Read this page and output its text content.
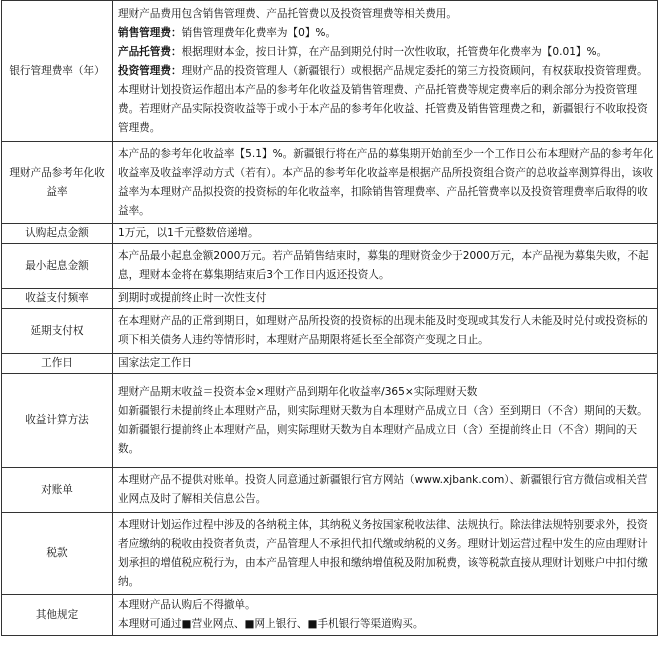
银行管理费率（年）	理财产品费用包含销售管理费、产品托管费以及投资管理费等相关费用。
销售管理费：销售管理费年化费率为【0】%。
产品托管费：根据理财本金，按日计算，在产品到期兑付时一次性收取，托管费年化费率为【0.01】%。
投资管理费：理财产品的投资管理人（新疆银行）或根据产品规定委托的第三方投资顾问，有权获取投资管理费。本理财计划投资运作超出本产品的参考年化收益及销售管理费、产品托管费等规定费率后的剩余部分为投资管理费。若理财产品实际投资收益等于或小于本产品的参考年化收益、托管费及销售管理费之和，新疆银行不收取投资管理费。

理财产品参考年化收益率	本产品的参考年化收益率【5.1】%。新疆银行将在产品的募集期开始前至少一个工作日公布本理财产品的参考年化收益率及收益率浮动方式（若有）。本产品的参考年化收益率是根据产品所投资组合资产的总收益率测算得出，该收益率为本理财产品拟投资的投资标的年化收益率，扣除销售管理费率、产品托管费率以及投资管理费率后取得的收益率。

认购起点金额	1万元，以1千元整数倍递增。

最小起息金额	本产品最小起息金额2000万元。若产品销售结束时，募集的理财资金少于2000万元，本产品视为募集失败，不起息，理财本金将在募集期结束后3个工作日内返还投资人。

收益支付频率	到期时或提前终止时一次性支付

延期支付权	在本理财产品的正常到期日，如理财产品所投资的投资标的出现未能及时变现或其发行人未能及时兑付或投资标的项下相关债务人违约等情形时，本理财产品期限将延长至全部资产变现之日止。

工作日	国家法定工作日

收益计算方法	理财产品期末收益＝投资本金×理财产品到期年化收益率/365×实际理财天数
如新疆银行未提前终止本理财产品，则实际理财天数为自本理财产品成立日（含）至到期日（不含）期间的天数。
如新疆银行提前终止本理财产品，则实际理财天数为自本理财产品成立日（含）至提前终止日（不含）期间的天数。

对账单	本理财产品不提供对账单。投资人同意通过新疆银行官方网站（www.xjbank.com）、新疆银行官方微信或相关营业网点及时了解相关信息公告。

税款	本理财计划运作过程中涉及的各纳税主体，其纳税义务按国家税收法律、法规执行。除法律法规特别要求外，投资者应缴纳的税收由投资者负责，产品管理人不承担代扣代缴或纳税的义务。理财计划运营过程中发生的应由理财计划承担的增值税应税行为，由本产品管理人申报和缴纳增值税及附加税费，该等税款直接从理财计划账户中扣付缴纳。

其他规定	本理财产品认购后不得撤单。
本理财可通过■营业网点、■网上银行、■手机银行等渠道购买。
